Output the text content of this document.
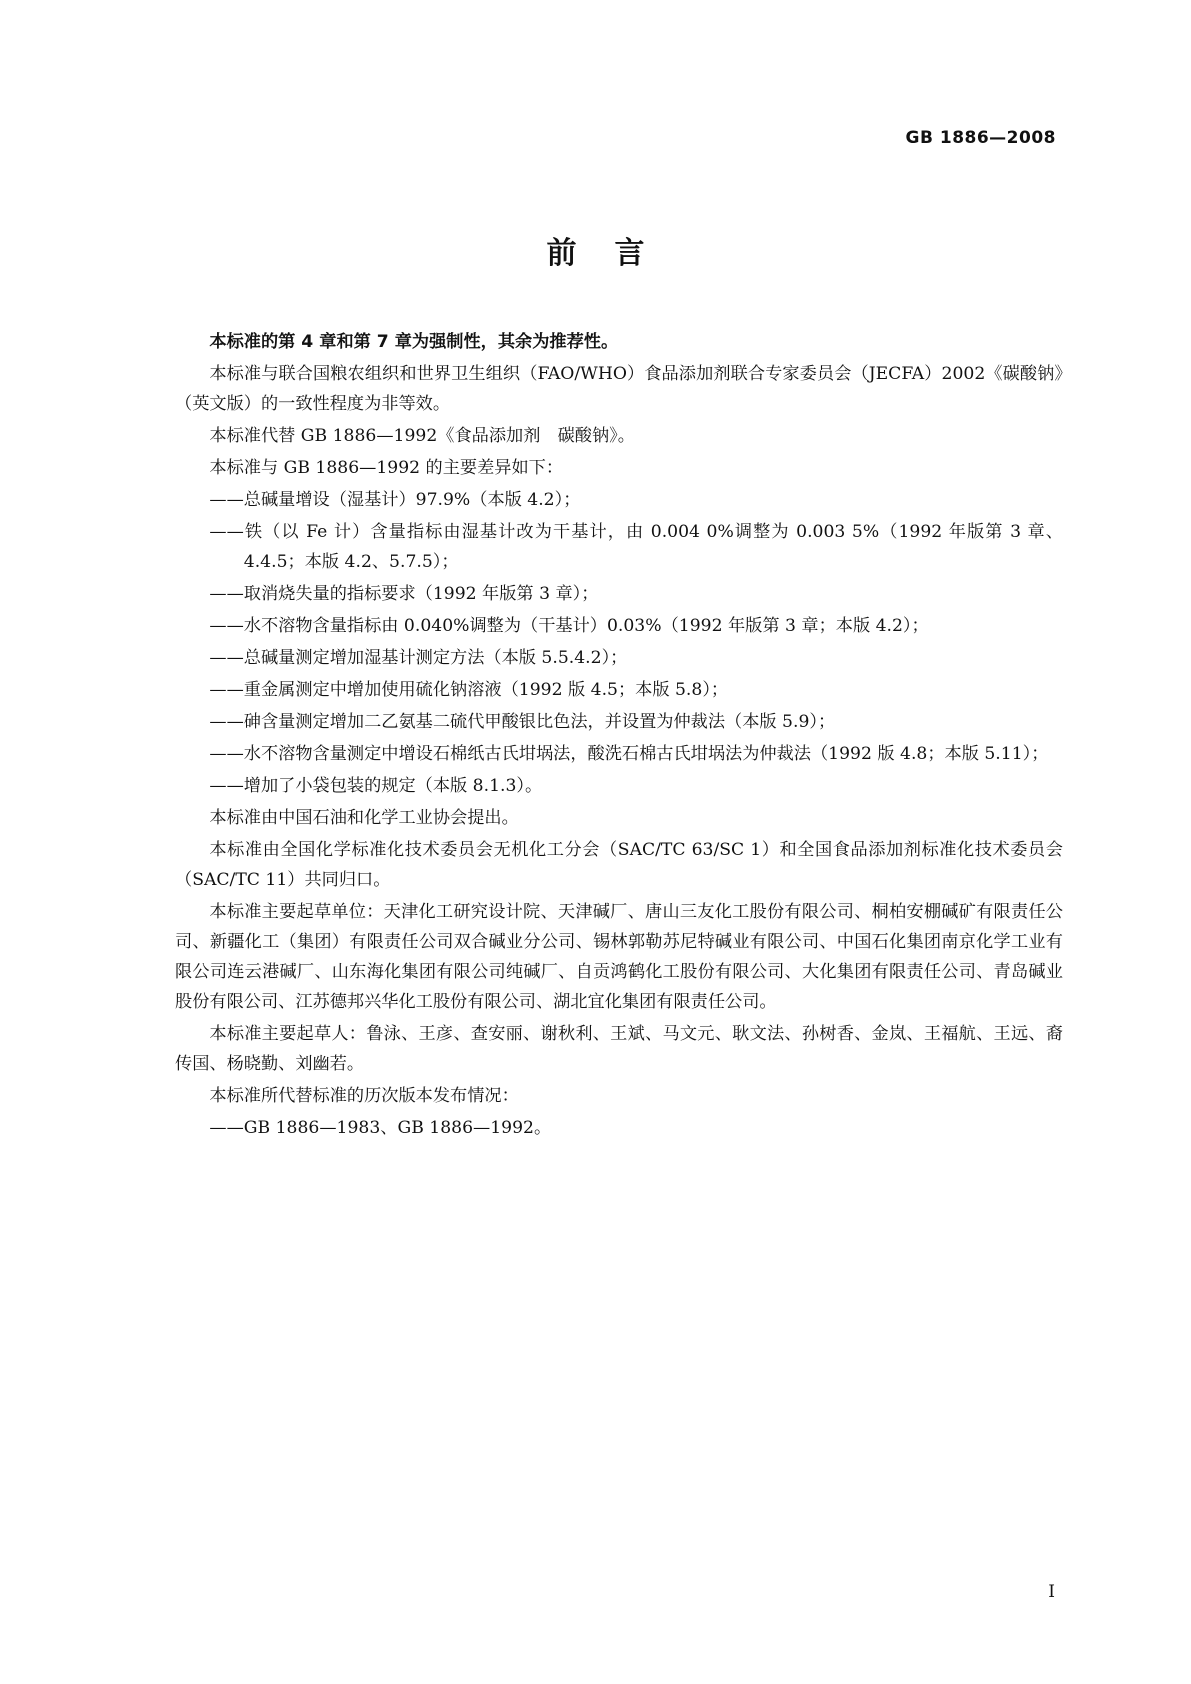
GB 1886—2008
前言

本标准的第 4 章和第 7 章为强制性，其余为推荐性。

本标准与联合国粮农组织和世界卫生组织（FAO/WHO）食品添加剂联合专家委员会（JECFA）2002《碳酸钠》（英文版）的一致性程度为非等效。

本标准代替 GB 1886—1992《食品添加剂　碳酸钠》。

本标准与 GB 1886—1992 的主要差异如下：

——总碱量增设（湿基计）97.9%（本版 4.2）；
——铁（以 Fe 计）含量指标由湿基计改为干基计，由 0.004 0%调整为 0.003 5%（1992 年版第 3 章、4.4.5；本版 4.2、5.7.5）；
——取消烧失量的指标要求（1992 年版第 3 章）；
——水不溶物含量指标由 0.040%调整为（干基计）0.03%（1992 年版第 3 章；本版 4.2）；
——总碱量测定增加湿基计测定方法（本版 5.5.4.2）；
——重金属测定中增加使用硫化钠溶液（1992 版 4.5；本版 5.8）；
——砷含量测定增加二乙氨基二硫代甲酸银比色法，并设置为仲裁法（本版 5.9）；
——水不溶物含量测定中增设石棉纸古氏坩埚法，酸洗石棉古氏坩埚法为仲裁法（1992 版 4.8；本版 5.11）；
——增加了小袋包装的规定（本版 8.1.3）。

本标准由中国石油和化学工业协会提出。

本标准由全国化学标准化技术委员会无机化工分会（SAC/TC 63/SC 1）和全国食品添加剂标准化技术委员会（SAC/TC 11）共同归口。

本标准主要起草单位：天津化工研究设计院、天津碱厂、唐山三友化工股份有限公司、桐柏安棚碱矿有限责任公司、新疆化工（集团）有限责任公司双合碱业分公司、锡林郭勒苏尼特碱业有限公司、中国石化集团南京化学工业有限公司连云港碱厂、山东海化集团有限公司纯碱厂、自贡鸿鹤化工股份有限公司、大化集团有限责任公司、青岛碱业股份有限公司、江苏德邦兴华化工股份有限公司、湖北宜化集团有限责任公司。

本标准主要起草人：鲁泳、王彦、查安丽、谢秋利、王斌、马文元、耿文法、孙树香、金岚、王福航、王远、裔传国、杨晓勤、刘幽若。

本标准所代替标准的历次版本发布情况：

——GB 1886—1983、GB 1886—1992。
I
